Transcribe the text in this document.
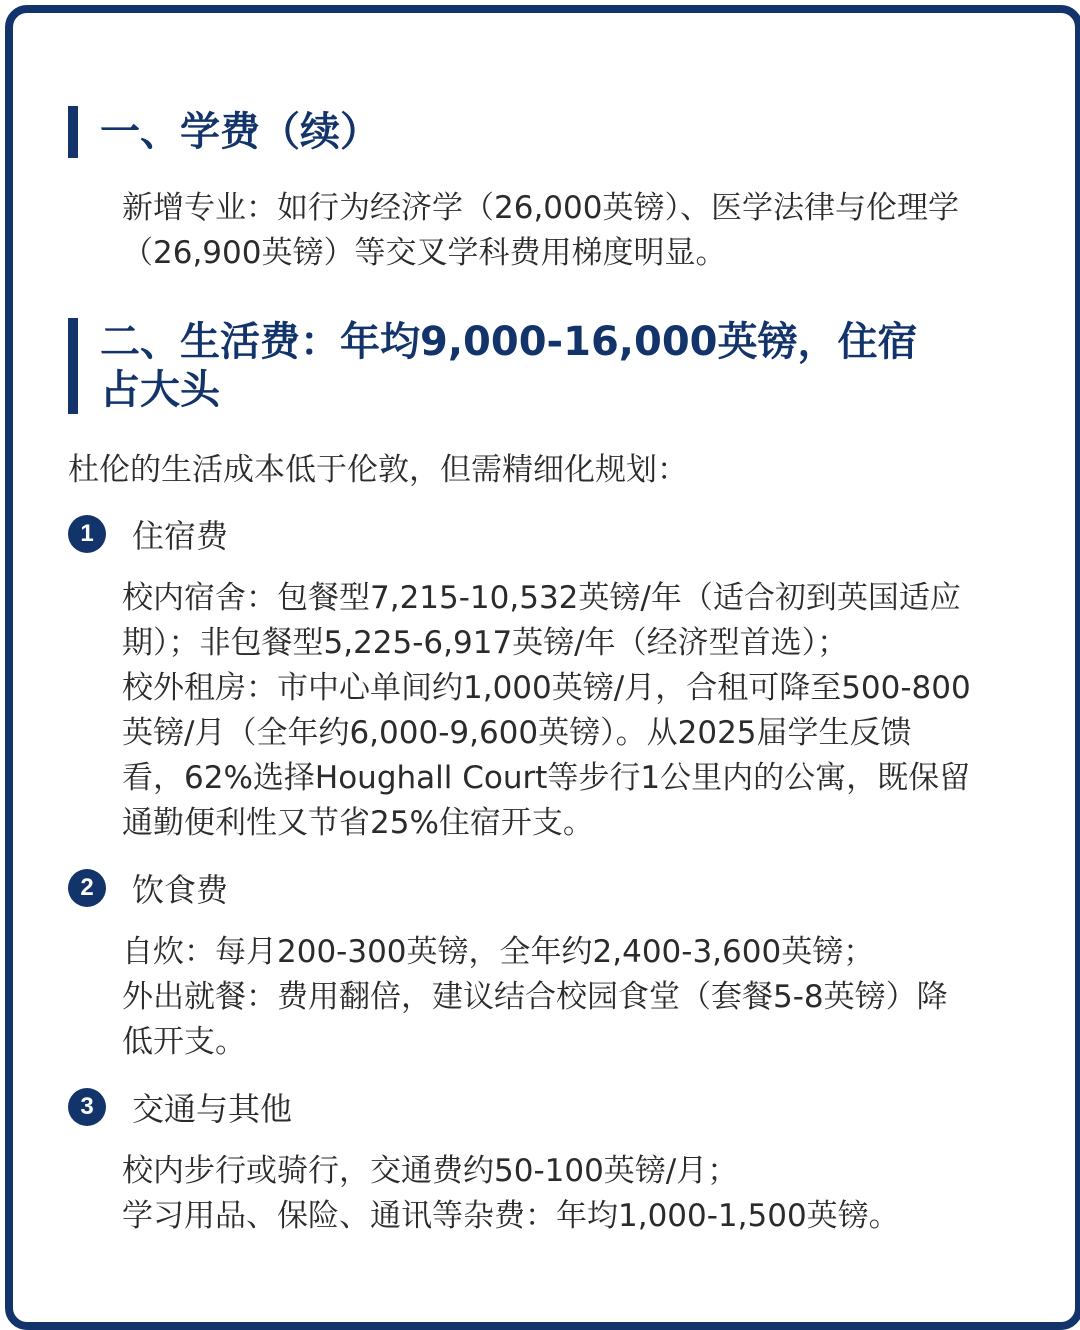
一、学费（续）
新增专业：如行为经济学（26,000英镑）、医学法律与伦理学
（26,900英镑）等交叉学科费用梯度明显。
二、生活费：年均9,000-16,000英镑，住宿
占大头
杜伦的生活成本低于伦敦，但需精细化规划：
1	住宿费
校内宿舍：包餐型7,215-10,532英镑/年（适合初到英国适应
期）；非包餐型5,225-6,917英镑/年（经济型首选）；
校外租房：市中心单间约1,000英镑/月，合租可降至500-800
英镑/月（全年约6,000-9,600英镑）。从2025届学生反馈
看，62%选择Houghall Court等步行1公里内的公寓，既保留
通勤便利性又节省25%住宿开支。
2	饮食费
自炊：每月200-300英镑，全年约2,400-3,600英镑；
外出就餐：费用翻倍，建议结合校园食堂（套餐5-8英镑）降
低开支。
3	交通与其他
校内步行或骑行，交通费约50-100英镑/月；
学习用品、保险、通讯等杂费：年均1,000-1,500英镑。
